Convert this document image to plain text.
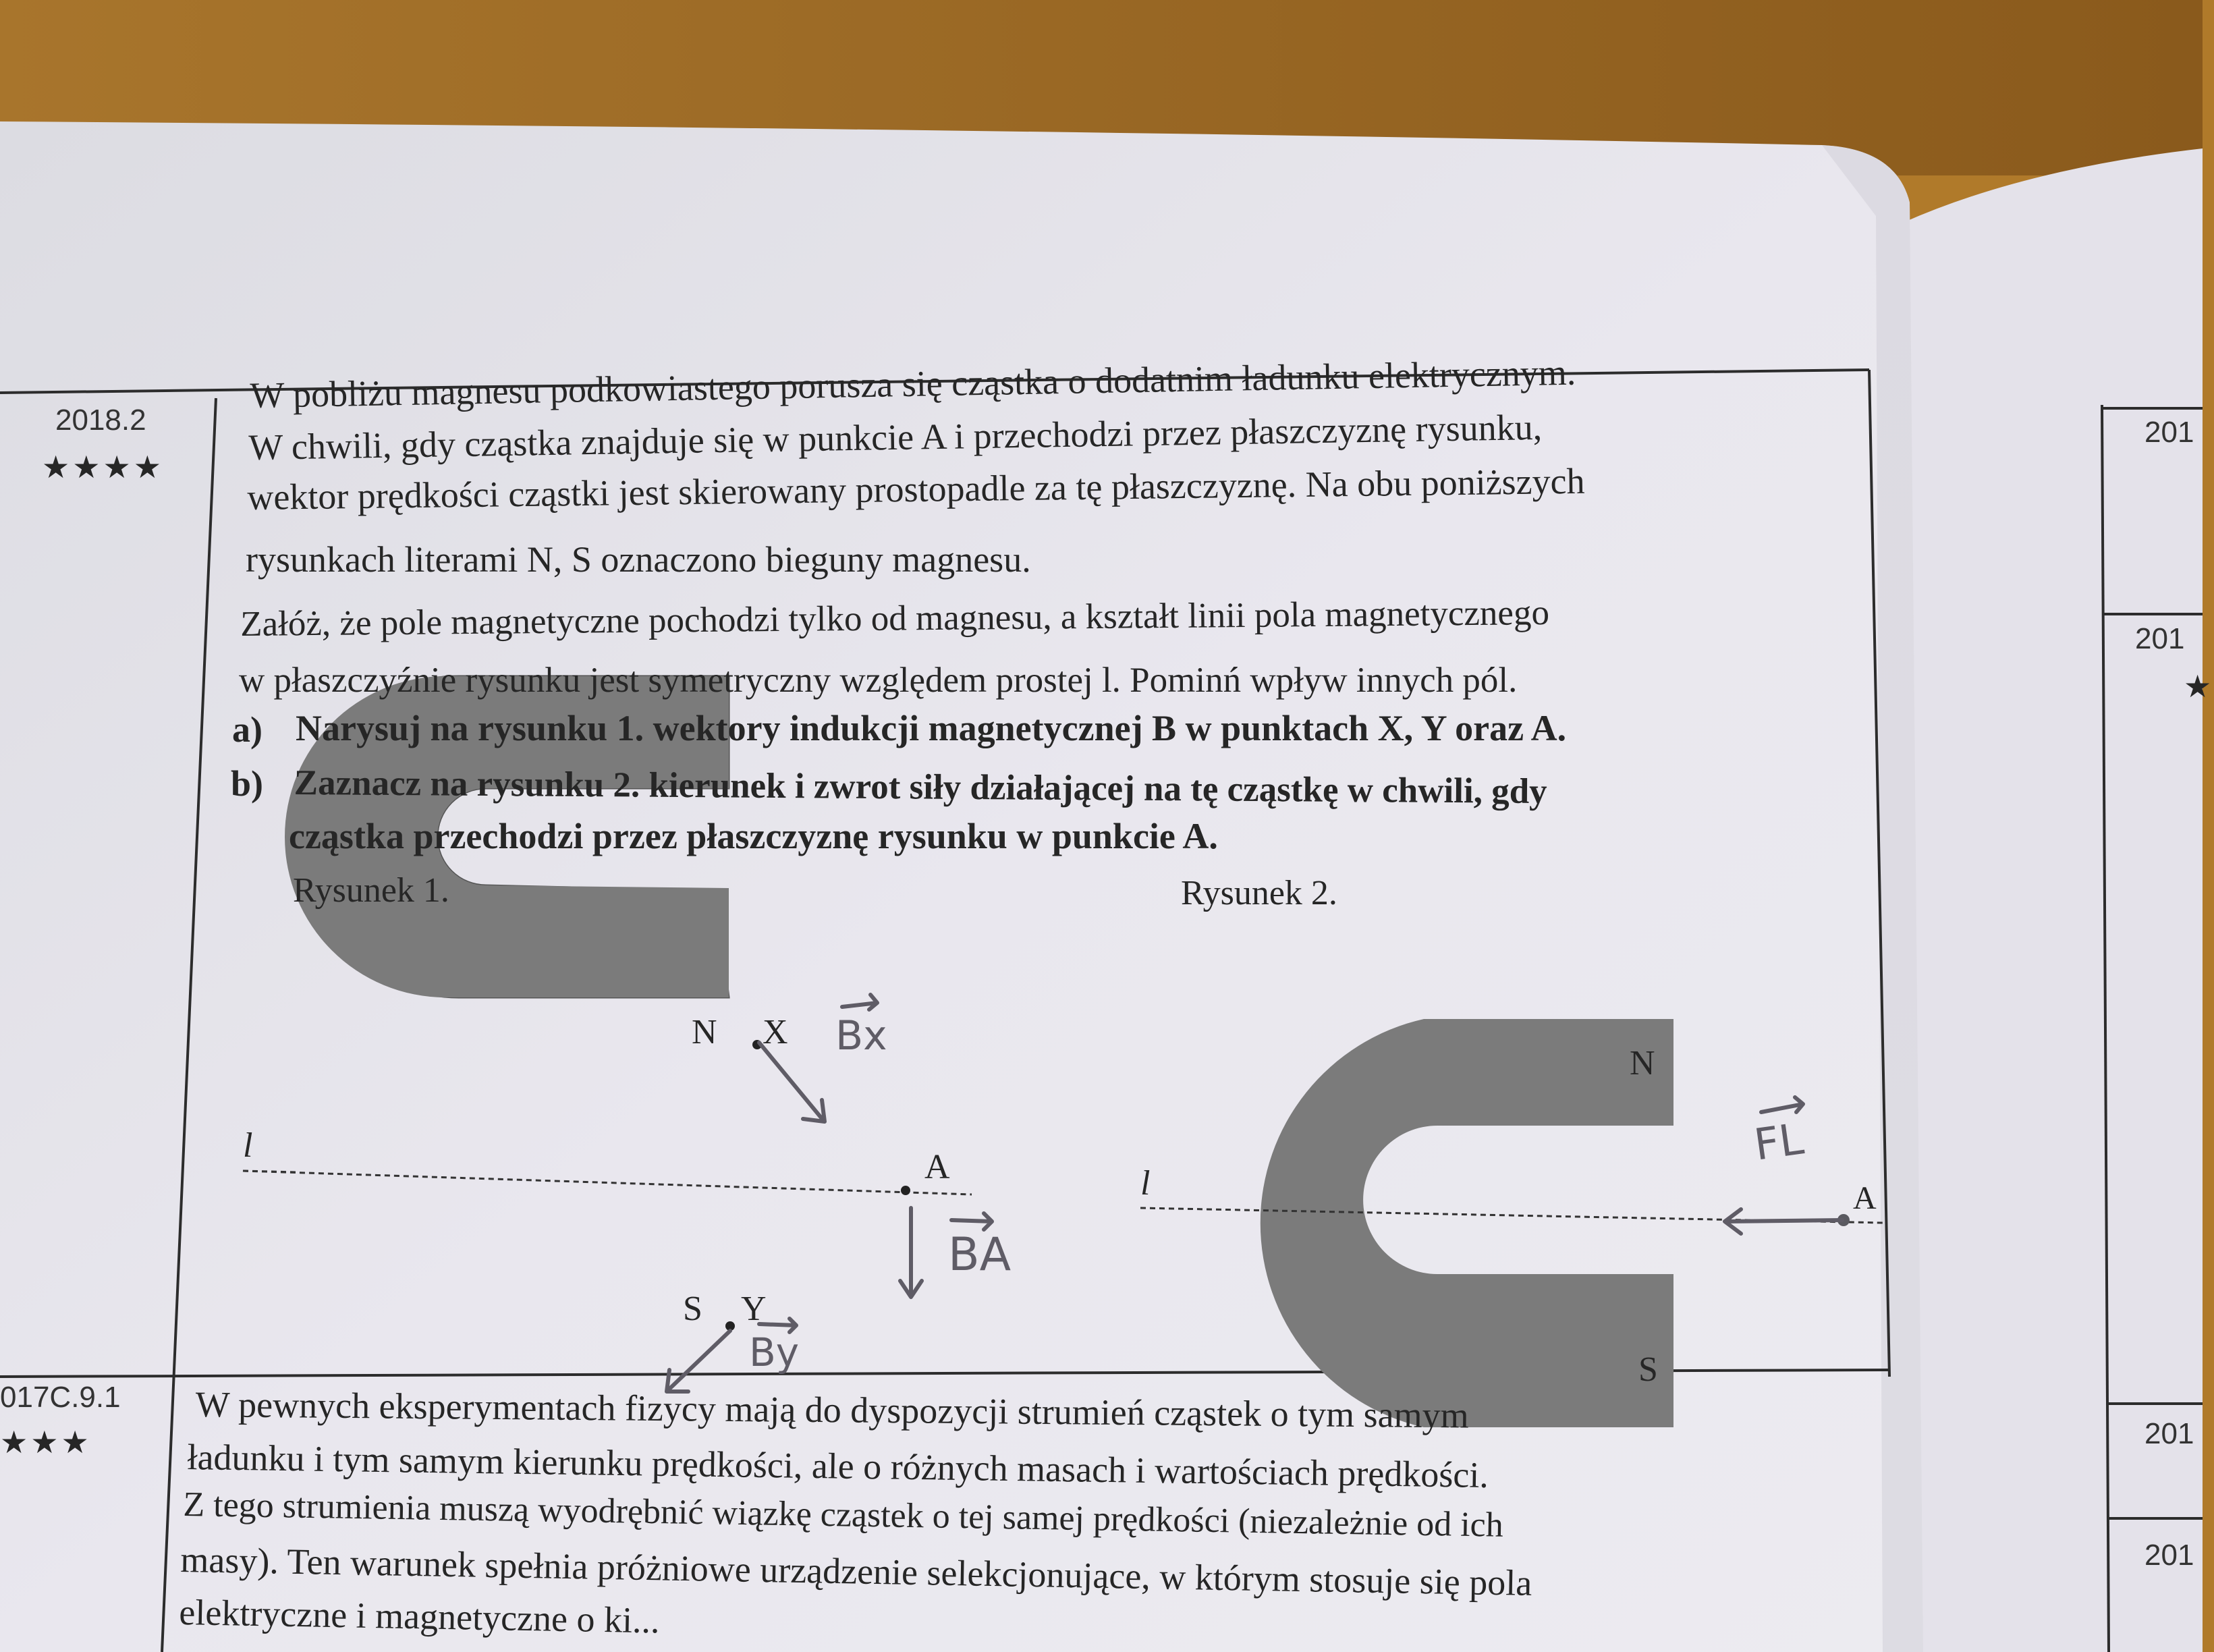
2018.2
★★★★
017C.9.1
★★★
201
201
★
201
201
W pobliżu magnesu podkowiastego porusza się cząstka o dodatnim ładunku elektrycznym.
W chwili, gdy cząstka znajduje się w punkcie A i przechodzi przez płaszczyznę rysunku,
wektor prędkości cząstki jest skierowany prostopadle za tę płaszczyznę. Na obu poniższych
rysunkach literami N, S oznaczono bieguny magnesu.
Załóż, że pole magnetyczne pochodzi tylko od magnesu, a kształt linii pola magnetycznego
w płaszczyźnie rysunku jest symetryczny względem prostej l. Pominń wpływ innych pól.
a) Narysuj na rysunku 1. wektory indukcji magnetycznej B w punktach X, Y oraz A.
b) Zaznacz na rysunku 2. kierunek i zwrot siły działającej na tę cząstkę w chwili, gdy
cząstka przechodzi przez płaszczyznę rysunku w punkcie A.
Rysunek 1.	Rysunek 2.
N X
S Y
A
l
Bx
BA
By
N
S
A
l
FL
W pewnych eksperymentach fizycy mają do dyspozycji strumień cząstek o tym samym
ładunku i tym samym kierunku prędkości, ale o różnych masach i wartościach prędkości.
Z tego strumienia muszą wyodrębnić wiązkę cząstek o tej samej prędkości (niezależnie od ich
masy). Ten warunek spełnia próżniowe urządzenie selekcjonujące, w którym stosuje się pola
elektryczne i magnetyczne o ki...
